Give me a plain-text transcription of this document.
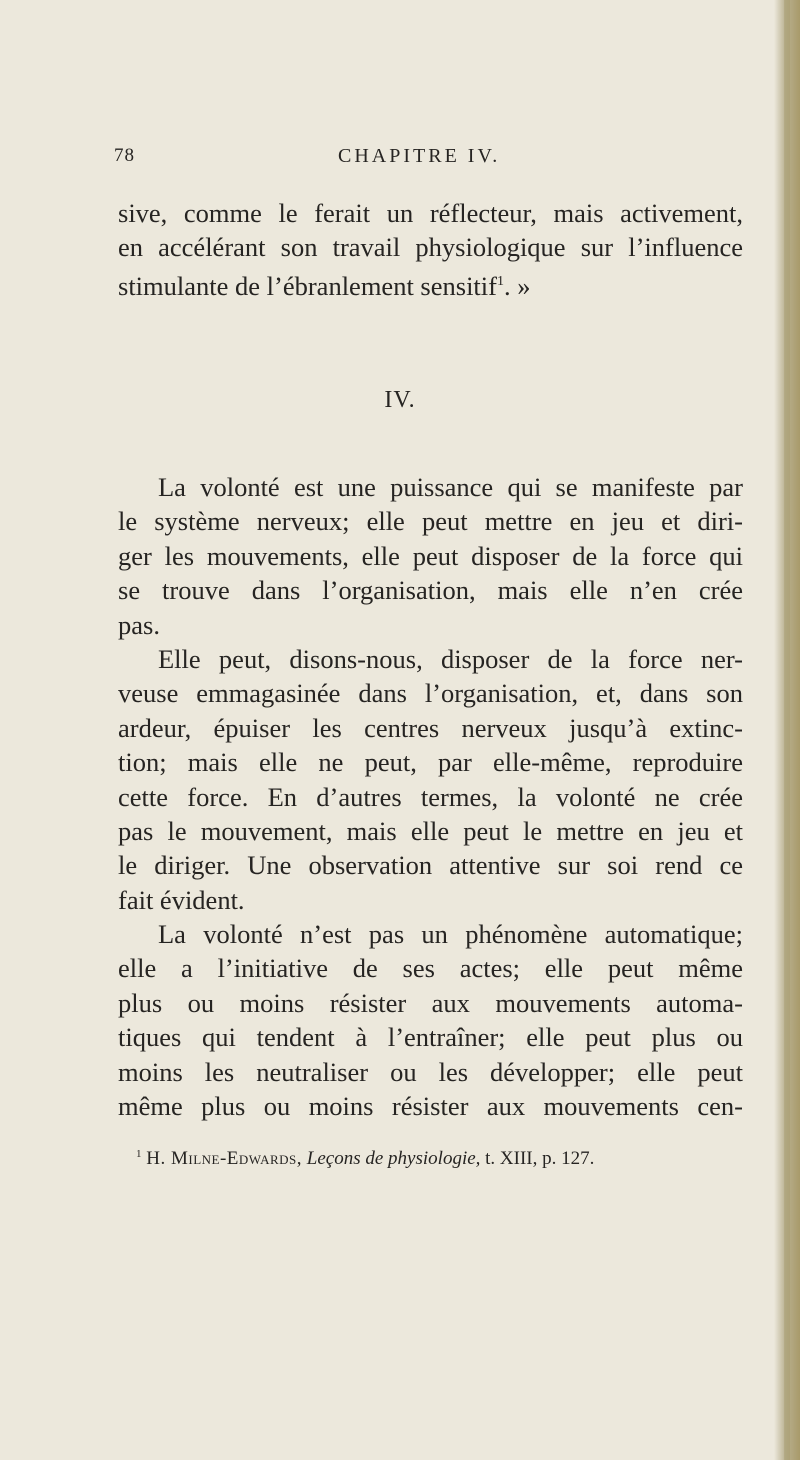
78	CHAPITRE IV.
sive, comme le ferait un réflecteur, mais activement,
en accélérant son travail physiologique sur l’influence
stimulante de l’ébranlement sensitif$^1$. »
IV.
La volonté est une puissance qui se manifeste par
le système nerveux; elle peut mettre en jeu et diri-
ger les mouvements, elle peut disposer de la force qui
se trouve dans l’organisation, mais elle n’en crée
pas.
Elle peut, disons-nous, disposer de la force ner-
veuse emmagasinée dans l’organisation, et, dans son
ardeur, épuiser les centres nerveux jusqu’à extinc-
tion; mais elle ne peut, par elle-même, reproduire
cette force. En d’autres termes, la volonté ne crée
pas le mouvement, mais elle peut le mettre en jeu et
le diriger. Une observation attentive sur soi rend ce
fait évident.
La volonté n’est pas un phénomène automatique;
elle a l’initiative de ses actes; elle peut même
plus ou moins résister aux mouvements automa-
tiques qui tendent à l’entraîner; elle peut plus ou
moins les neutraliser ou les développer; elle peut
même plus ou moins résister aux mouvements cen-
$^1$ H. Milne-Edwards, Leçons de physiologie, t. XIII, p. 127.
